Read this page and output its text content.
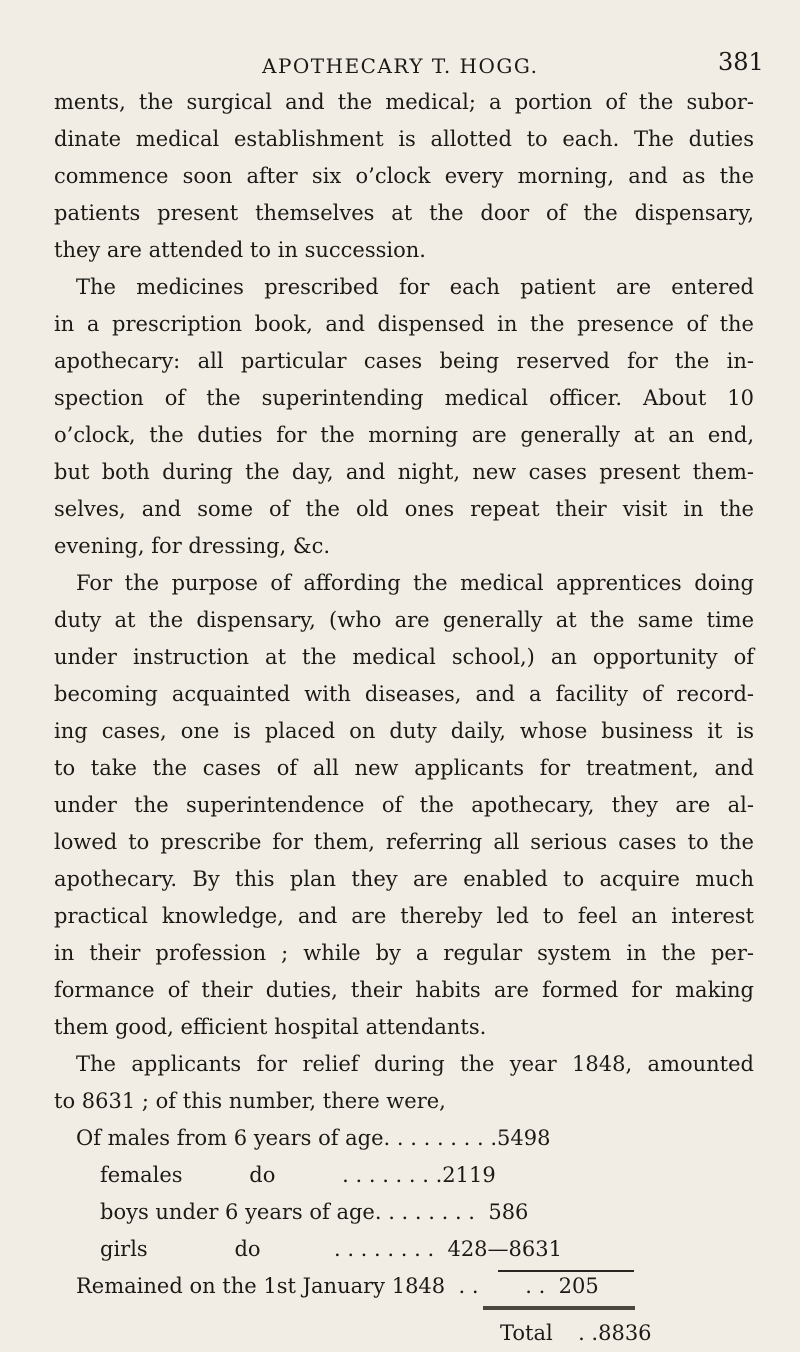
APOTHECARY T. HOGG.	381
ments, the surgical and the medical; a portion of the subor-
dinate medical establishment is allotted to each. The duties
commence soon after six o’clock every morning, and as the
patients present themselves at the door of the dispensary,
they are attended to in succession.
The medicines prescribed for each patient are entered
in a prescription book, and dispensed in the presence of the
apothecary: all particular cases being reserved for the in-
spection of the superintending medical officer. About 10
o’clock, the duties for the morning are generally at an end,
but both during the day, and night, new cases present them-
selves, and some of the old ones repeat their visit in the
evening, for dressing, &c.
For the purpose of affording the medical apprentices doing
duty at the dispensary, (who are generally at the same time
under instruction at the medical school,) an opportunity of
becoming acquainted with diseases, and a facility of record-
ing cases, one is placed on duty daily, whose business it is
to take the cases of all new applicants for treatment, and
under the superintendence of the apothecary, they are al-
lowed to prescribe for them, referring all serious cases to the
apothecary. By this plan they are enabled to acquire much
practical knowledge, and are thereby led to feel an interest
in their profession ; while by a regular system in the per-
formance of their duties, their habits are formed for making
them good, efficient hospital attendants.
The applicants for relief during the year 1848, amounted
to 8631 ; of this number, there were,
Of males from 6 years of age. . . . . . . . .5498
females          do          . . . . . . . .2119
boys under 6 years of age. . . . . . . .  586
girls             do           . . . . . . . .  428—8631
Remained on the 1st January 1848  . .       . .  205
Total . .8836
